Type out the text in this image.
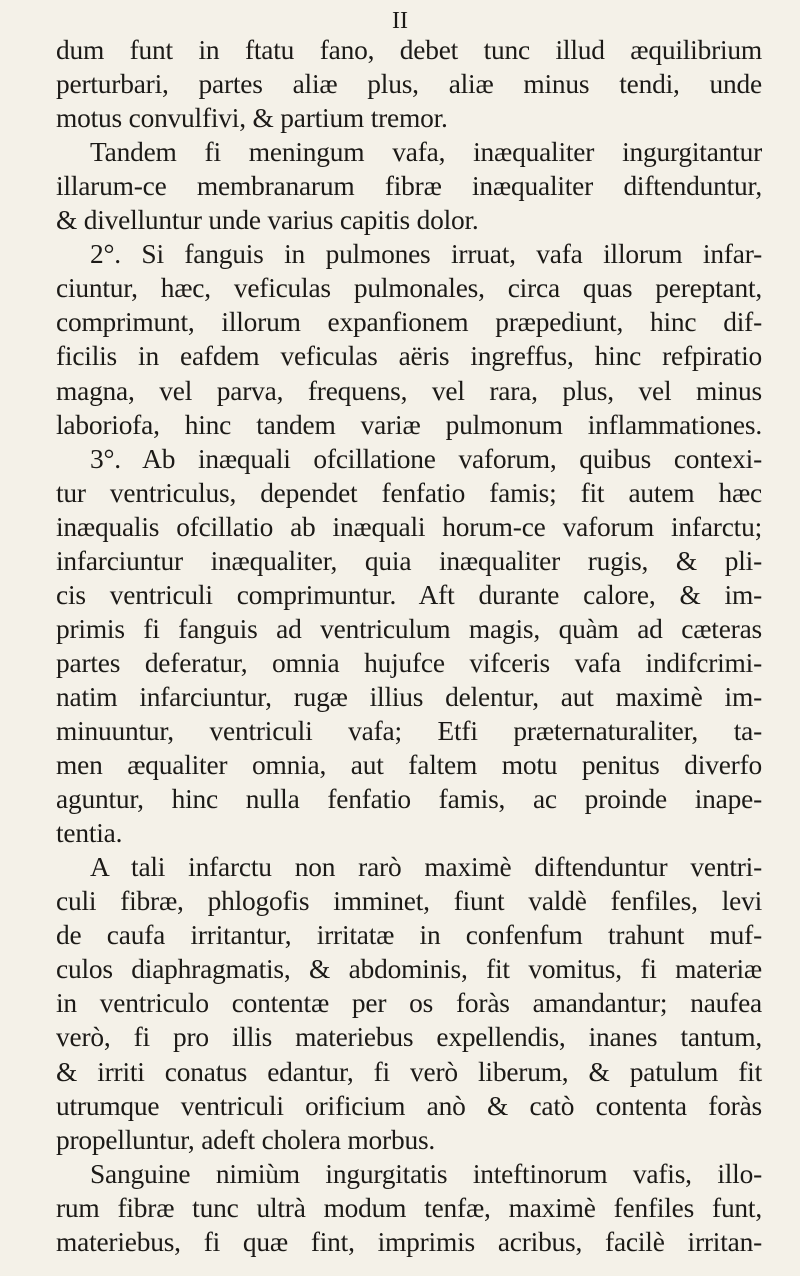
II
dum funt in ftatu fano, debet tunc illud æquilibrium
perturbari, partes aliæ plus, aliæ minus tendi, unde
motus convulfivi, & partium tremor.
Tandem fi meningum vafa, inæqualiter ingurgitantur
illarum-ce membranarum fibræ inæqualiter diftenduntur,
& divelluntur unde varius capitis dolor.
2°. Si fanguis in pulmones irruat, vafa illorum infar-
ciuntur, hæc, veficulas pulmonales, circa quas pereptant,
comprimunt, illorum expanfionem præpediunt, hinc dif-
ficilis in eafdem veficulas aëris ingreffus, hinc refpiratio
magna, vel parva, frequens, vel rara, plus, vel minus
laboriofa, hinc tandem variæ pulmonum inflammationes.
3°. Ab inæquali ofcillatione vaforum, quibus contexi-
tur ventriculus, dependet fenfatio famis; fit autem hæc
inæqualis ofcillatio ab inæquali horum-ce vaforum infarctu;
infarciuntur inæqualiter, quia inæqualiter rugis, & pli-
cis ventriculi comprimuntur. Aft durante calore, & im-
primis fi fanguis ad ventriculum magis, quàm ad cæteras
partes deferatur, omnia hujufce vifceris vafa indifcrimi-
natim infarciuntur, rugæ illius delentur, aut maximè im-
minuuntur, ventriculi vafa; Etfi præternaturaliter, ta-
men æqualiter omnia, aut faltem motu penitus diverfo
aguntur, hinc nulla fenfatio famis, ac proinde inape-
tentia.
A tali infarctu non rarò maximè diftenduntur ventri-
culi fibræ, phlogofis imminet, fiunt valdè fenfiles, levi
de caufa irritantur, irritatæ in confenfum trahunt muf-
culos diaphragmatis, & abdominis, fit vomitus, fi materiæ
in ventriculo contentæ per os foràs amandantur; naufea
verò, fi pro illis materiebus expellendis, inanes tantum,
& irriti conatus edantur, fi verò liberum, & patulum fit
utrumque ventriculi orificium anò & catò contenta foràs
propelluntur, adeft cholera morbus.
Sanguine nimiùm ingurgitatis inteftinorum vafis, illo-
rum fibræ tunc ultrà modum tenfæ, maximè fenfiles funt,
materiebus, fi quæ fint, imprimis acribus, facilè irritan-
